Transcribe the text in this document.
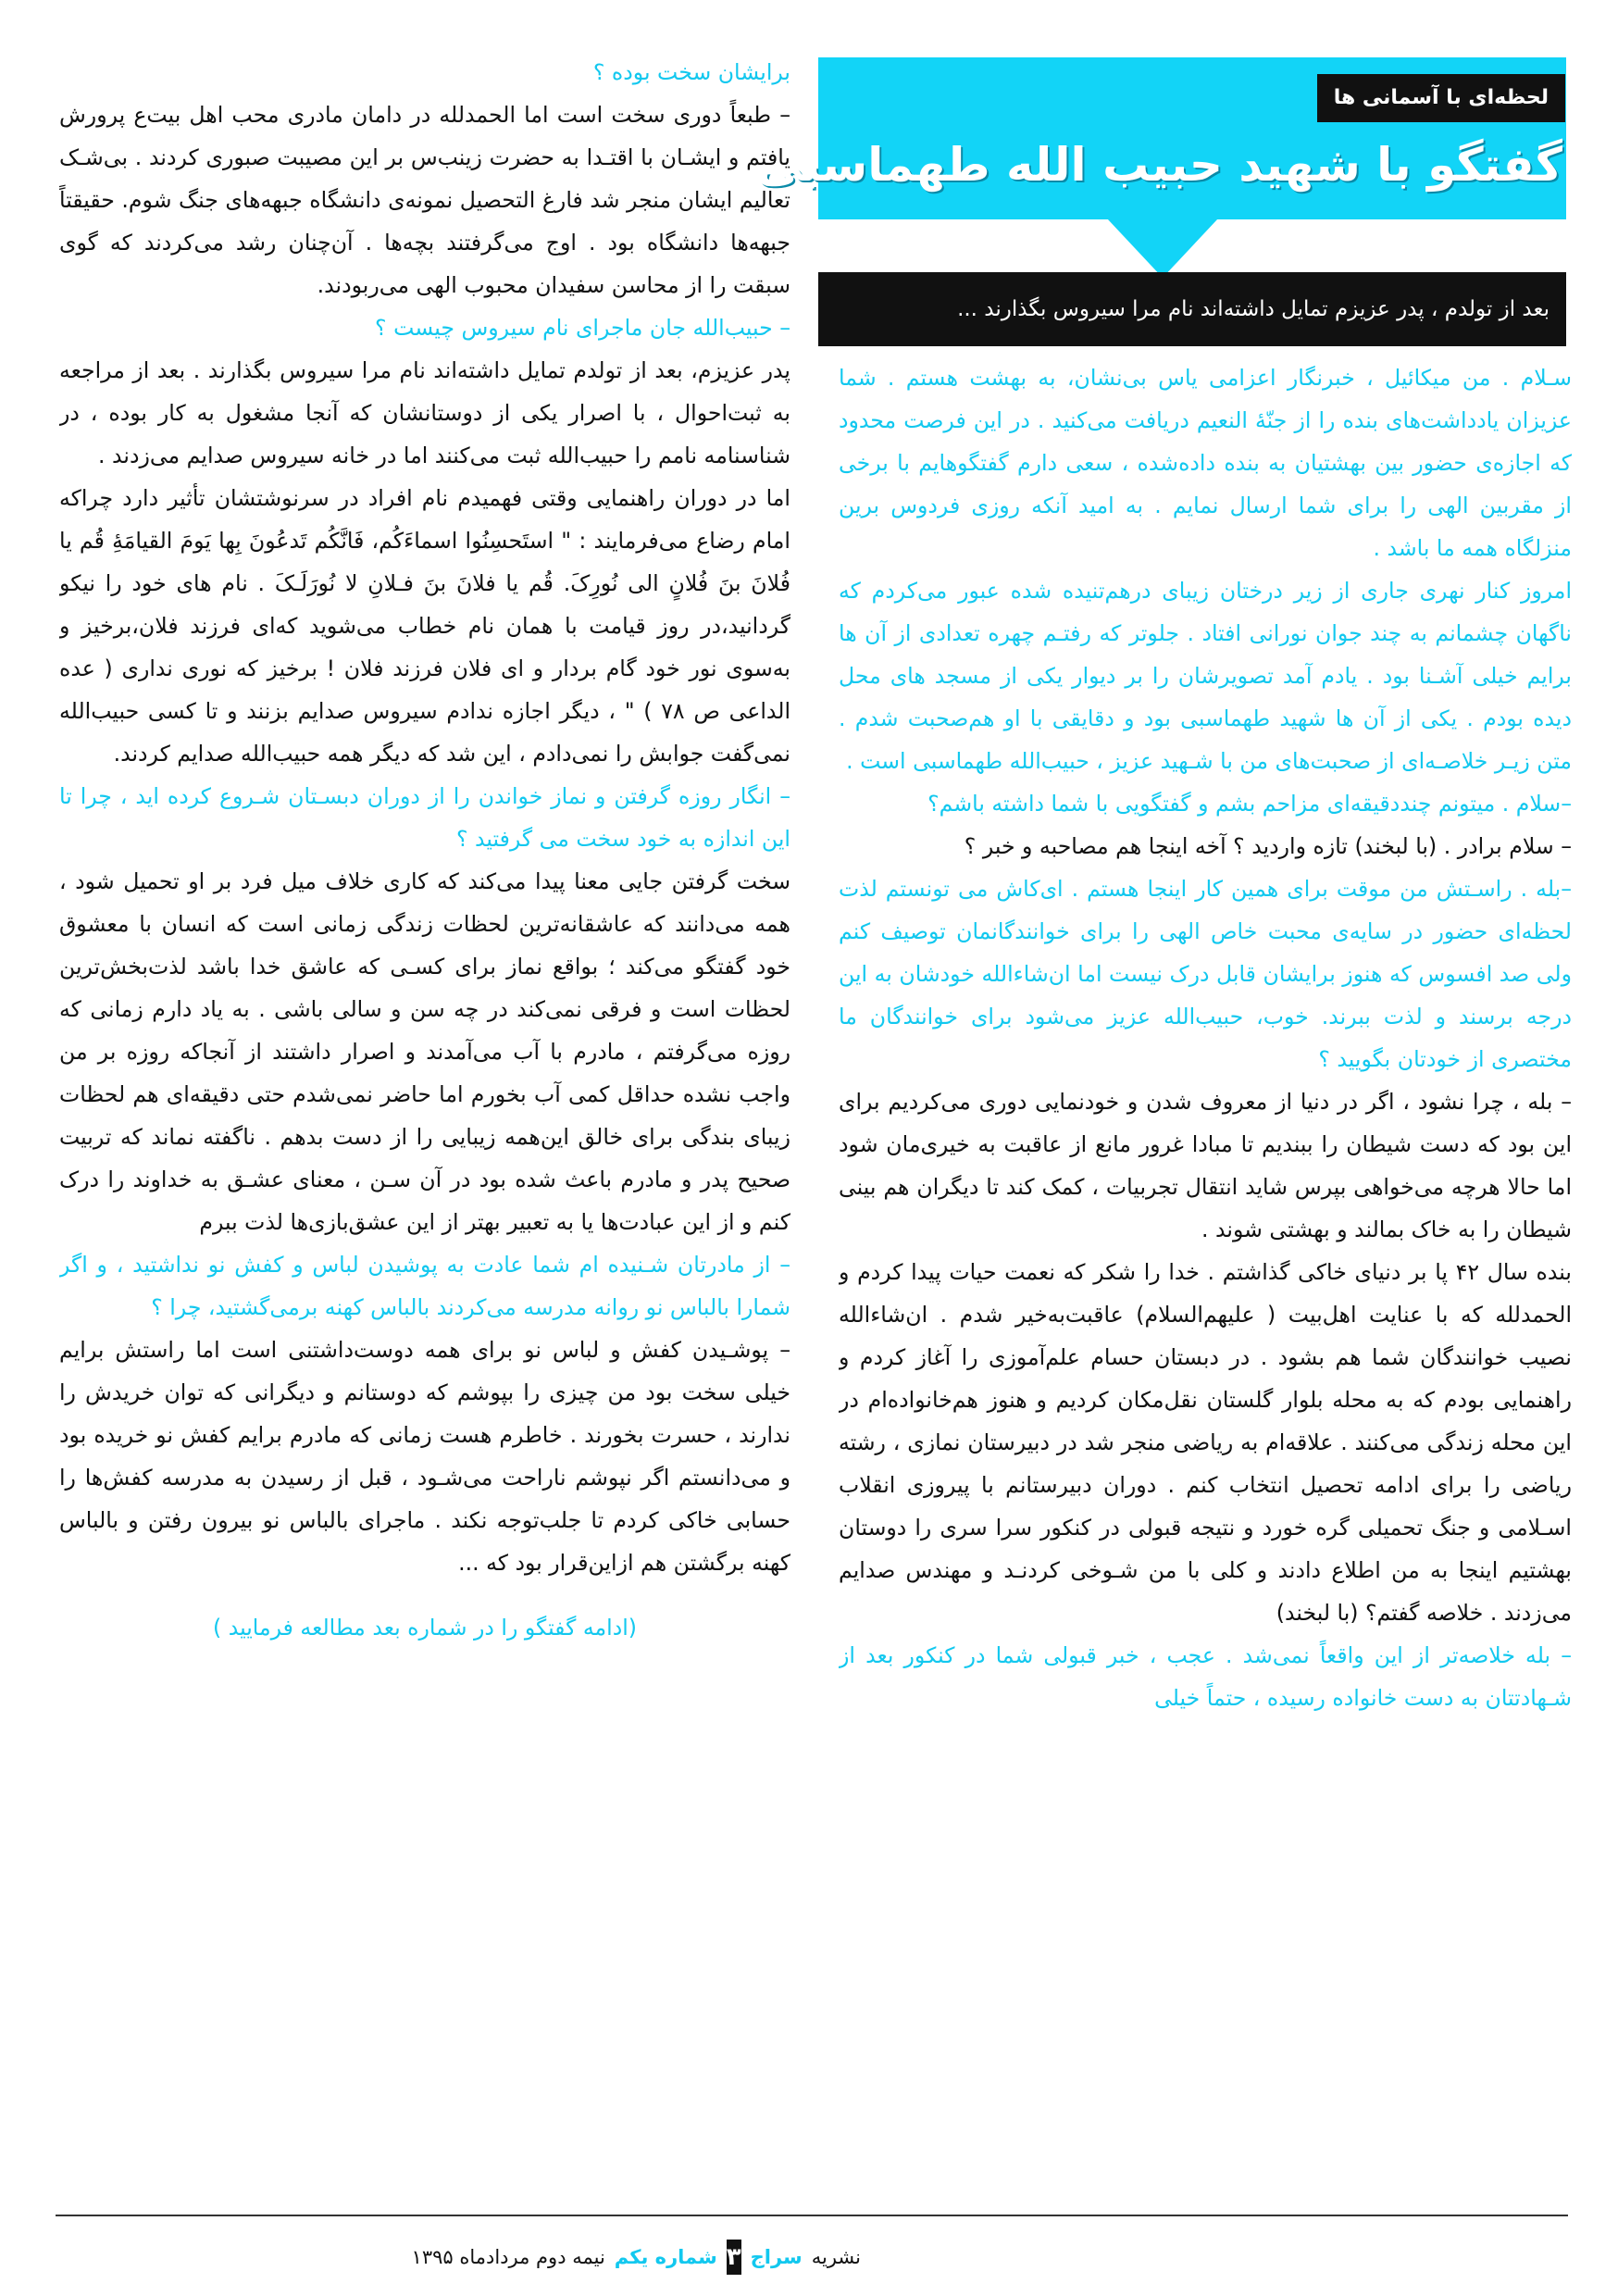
لحظه‌ای با آسمانی ها
گفتگو با شهید حبیب الله طهماسبی
بعد از تولدم ، پدر عزیزم تمایل داشته‌اند نام مرا سیروس بگذارند ...

سـلام . من میکائیل ، خبرنگار اعزامی یاس بی‌نشان، به بهشت هستم . شما عزیزان یادداشت‌های بنده را از جنّهٔ النعیم دریافت می‌کنید . در این فرصت محدود که اجازه‌ی حضور بین بهشتیان به بنده داده‌شده ، سعی دارم گفتگوهایم با برخی از مقربین الهی را برای شما ارسال نمایم . به امید آنکه روزی فردوس برین منزلگاه همه ما باشد .

امروز کنار نهری جاری از زیر درختان زیبای درهم‌تنیده شده عبور می‌کردم که ناگهان چشمانم به چند جوان نورانی افتاد . جلوتر که رفتـم چهره تعدادی از آن ها برایم خیلی آشـنا بود . یادم آمد تصویرشان را بر دیوار یکی از مسجد های محل دیده بودم . یکی از آن ها شهید طهماسبی بود و دقایقی با او هم‌صحبت شدم . متن زیـر خلاصـه‌ای از صحبت‌های من با شـهید عزیز ، حبیب‌الله طهماسبی است .

–سلام . میتونم چنددقیقه‌ای مزاحم بشم و گفتگویی با شما داشته باشم؟

– سلام برادر . (با لبخند) تازه واردید ؟ آخه اینجا هم مصاحبه و خبر ؟

–بله . راسـتش من موقت برای همین کار اینجا هستم . ای‌کاش می تونستم لذت لحظه‌ای حضور در سایه‌ی محبت خاص الهی را برای خوانندگانمان توصیف کنم ولی صد افسوس که هنوز برایشان قابل درک نیست اما ان‌شاءالله خودشان به این درجه برسند و لذت ببرند. خوب، حبیب‌الله عزیز می‌شود برای خوانندگان ما مختصری از خودتان بگویید ؟

– بله ، چرا نشود ، اگر در دنیا از معروف شدن و خودنمایی دوری می‌کردیم برای این بود که دست شیطان را ببندیم تا مبادا غرور مانع از عاقبت به خیری‌مان شود اما حالا هرچه می‌خواهی بپرس شاید انتقال تجربیات ، کمک کند تا دیگران هم بینی شیطان را به خاک بمالند و بهشتی شوند .

بنده سال ۴۲ پا بر دنیای خاکی گذاشتم . خدا را شکر که نعمت حیات پیدا کردم و الحمدلله که با عنایت اهل‌بیت ( علیهم‌السلام) عاقبت‌به‌خیر شدم . ان‌شاءالله نصیب خوانندگان شما هم بشود . در دبستان حسام علم‌آموزی را آغاز کردم و راهنمایی بودم که به محله بلوار گلستان نقل‌مکان کردیم و هنوز هم‌خانواده‌ام در این محله زندگی می‌کنند . علاقه‌ام به ریاضی منجر شد در دبیرستان نمازی ، رشته ریاضی را برای ادامه تحصیل انتخاب کنم . دوران دبیرستانم با پیروزی انقلاب اسـلامی و جنگ تحمیلی گره خورد و نتیجه قبولی در کنکور سرا سری را دوستان بهشتیم اینجا به من اطلاع دادند و کلی با من شـوخی کردنـد و مهندس صدایم می‌زدند . خلاصه گفتم؟ (با لبخند)

– بله خلاصه‌تر از این واقعاً نمی‌شد . عجب ، خبر قبولی شما در کنکور بعد از شـهادتتان به دست خانواده رسیده ، حتماً خیلی

برایشان سخت بوده ؟

– طبعاً دوری سخت است اما الحمدلله در دامان مادری محب اهل بیت‌ع پرورش یافتم و ایشـان با اقتـدا به حضرت زینب‌س بر این مصیبت صبوری کردند . بی‌شـک تعالیم ایشان منجر شد فارغ التحصیل نمونه‌ی دانشگاه جبهه‌های جنگ شوم. حقیقتاً جبهه‌ها دانشگاه بود . اوج می‌گرفتند بچه‌ها . آن‌چنان رشد می‌کردند که گوی سبقت را از محاسن سفیدان محبوب الهی می‌ربودند.

– حبیب‌الله جان ماجرای نام سیروس چیست ؟

پدر عزیزم، بعد از تولدم تمایل داشته‌اند نام مرا سیروس بگذارند . بعد از مراجعه به ثبت‌احوال ، با اصرار یکی از دوستانشان که آنجا مشغول به کار بوده ، در شناسنامه نامم را حبیب‌الله ثبت می‌کنند اما در خانه سیروس صدایم می‌زدند .

اما در دوران راهنمایی وقتی فهمیدم نام افراد در سرنوشتشان تأثیر دارد چراکه امام رضا‌ع می‌فرمایند : " استَحسِنُوا اسماءَکُم، فَانَّکُم تَدعُونَ بِها یَومَ القیامَهِٔ قُم یا فُلانَ بنَ فُلانٍ الی نُورِکَ. قُم یا فلانَ بنَ فـلانِ لا نُورَلَـکَ . نام های خود را نیکو گردانید،در روز قیامت با همان نام خطاب می‌شوید که‌ای فرزند فلان،برخیز و به‌سوی نور خود گام بردار و ای فلان فرزند فلان ! برخیز که نوری نداری ( عده الداعی ص ۷۸ ) " ، دیگر اجازه ندادم سیروس صدایم بزنند و تا کسی حبیب‌الله نمی‌گفت جوابش را نمی‌دادم ، این شد که دیگر همه حبیب‌الله صدایم کردند.

– انگار روزه گرفتن و نماز خواندن را از دوران دبسـتان شـروع کرده اید ، چرا تا این اندازه به خود سخت می گرفتید ؟

سخت گرفتن جایی معنا پیدا می‌کند که کاری خلاف میل فرد بر او تحمیل شود ، همه می‌دانند که عاشقانه‌ترین لحظات زندگی زمانی است که انسان با معشوق خود گفتگو می‌کند ؛ بواقع نماز برای کسـی که عاشق خدا باشد لذت‌بخش‌ترین لحظات است و فرقی نمی‌کند در چه سن و سالی باشی . به یاد دارم زمانی که روزه می‌گرفتم ، مادرم با آب می‌آمدند و اصرار داشتند از آنجاکه روزه بر من واجب نشده حداقل کمی آب بخورم اما حاضر نمی‌شدم حتی دقیقه‌ای هم لحظات زیبای بندگی برای خالق این‌همه زیبایی را از دست بدهم . ناگفته نماند که تربیت صحیح پدر و مادرم باعث شده بود در آن سـن ، معنای عشـق به خداوند را درک کنم و از این عبادت‌ها یا به تعبیر بهتر از این عشق‌بازی‌ها لذت ببرم

– از مادرتان شـنیده ام شما عادت به پوشیدن لباس و کفش نو نداشتید ، و اگر شمارا بالباس نو روانه مدرسه می‌کردند بالباس کهنه برمی‌گشتید، چرا ؟

– پوشـیدن کفش و لباس نو برای همه دوست‌داشتنی است اما راستش برایم خیلی سخت بود من چیزی را بپوشم که دوستانم و دیگرانی که توان خریدش را ندارند ، حسرت بخورند . خاطرم هست زمانی که مادرم برایم کفش نو خریده بود و می‌دانستم اگر نپوشم ناراحت می‌شـود ، قبل از رسیدن به مدرسه کفش‌ها را حسابی خاکی کردم تا جلب‌توجه نکند . ماجرای بالباس نو بیرون رفتن و بالباس کهنه برگشتن هم ازاین‌قرار بود که ...

(ادامه گفتگو را در شماره بعد مطالعه فرمایید )

نشریه
سراج
۳
شماره یکم
نیمه دوم مردادماه ۱۳۹۵
